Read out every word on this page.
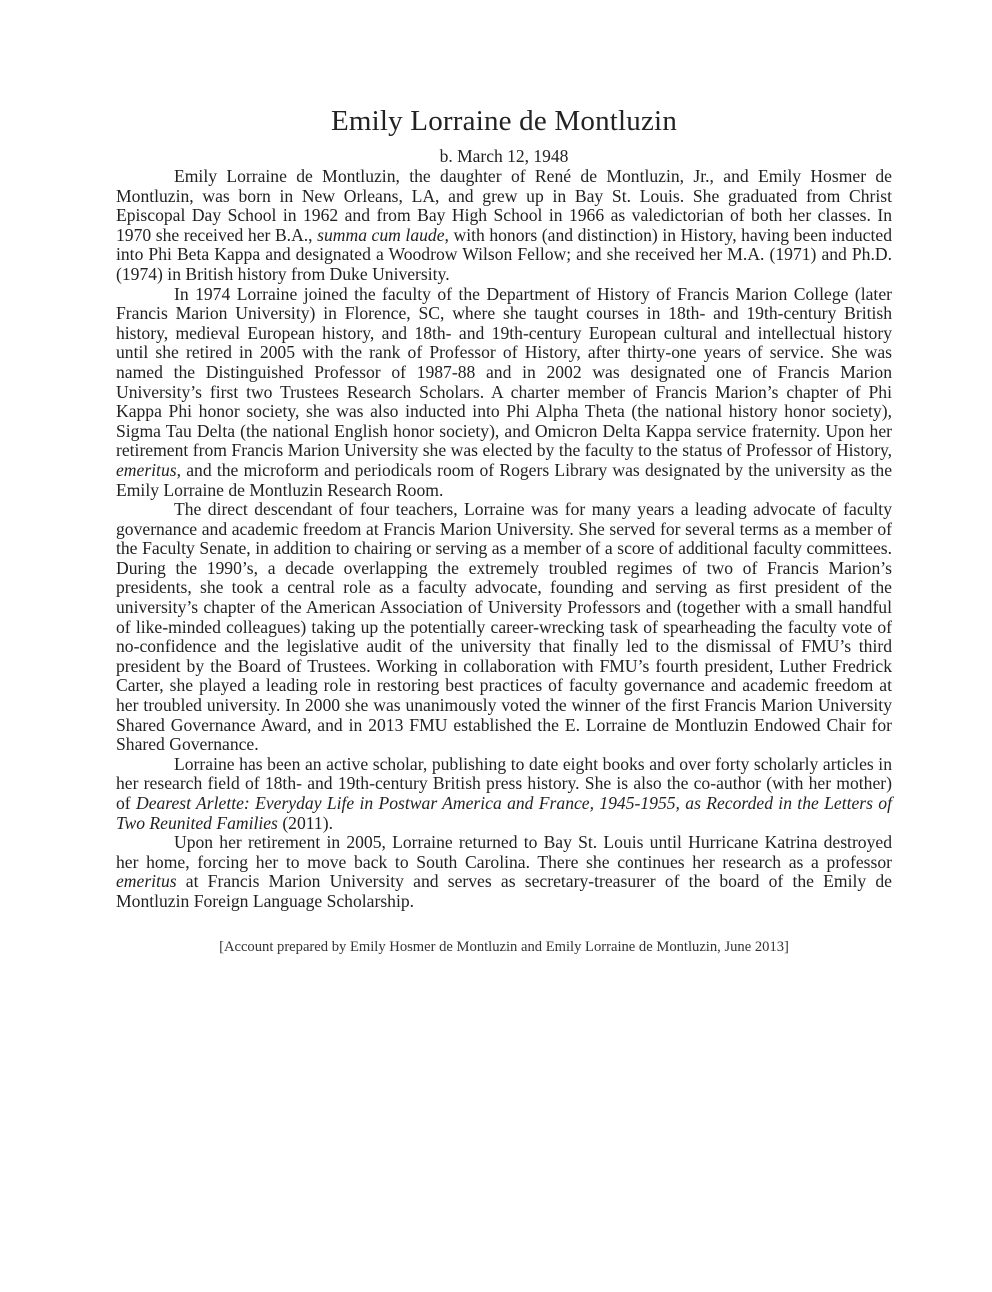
Emily Lorraine de Montluzin
b. March 12, 1948

Emily Lorraine de Montluzin, the daughter of René de Montluzin, Jr., and Emily Hosmer de Montluzin, was born in New Orleans, LA, and grew up in Bay St. Louis. She graduated from Christ Episcopal Day School in 1962 and from Bay High School in 1966 as valedictorian of both her classes. In 1970 she received her B.A., summa cum laude, with honors (and distinction) in History, having been inducted into Phi Beta Kappa and designated a Woodrow Wilson Fellow; and she received her M.A. (1971) and Ph.D. (1974) in British history from Duke University.

In 1974 Lorraine joined the faculty of the Department of History of Francis Marion College (later Francis Marion University) in Florence, SC, where she taught courses in 18th- and 19th-century British history, medieval European history, and 18th- and 19th-century European cultural and intellectual history until she retired in 2005 with the rank of Professor of History, after thirty-one years of service. She was named the Distinguished Professor of 1987-88 and in 2002 was designated one of Francis Marion University’s first two Trustees Research Scholars. A charter member of Francis Marion’s chapter of Phi Kappa Phi honor society, she was also inducted into Phi Alpha Theta (the national history honor society), Sigma Tau Delta (the national English honor society), and Omicron Delta Kappa service fraternity. Upon her retirement from Francis Marion University she was elected by the faculty to the status of Professor of History, emeritus, and the microform and periodicals room of Rogers Library was designated by the university as the Emily Lorraine de Montluzin Research Room.

The direct descendant of four teachers, Lorraine was for many years a leading advocate of faculty governance and academic freedom at Francis Marion University. She served for several terms as a member of the Faculty Senate, in addition to chairing or serving as a member of a score of additional faculty committees. During the 1990’s, a decade overlapping the extremely troubled regimes of two of Francis Marion’s presidents, she took a central role as a faculty advocate, founding and serving as first president of the university’s chapter of the American Association of University Professors and (together with a small handful of like-minded colleagues) taking up the potentially career-wrecking task of spearheading the faculty vote of no-confidence and the legislative audit of the university that finally led to the dismissal of FMU’s third president by the Board of Trustees. Working in collaboration with FMU’s fourth president, Luther Fredrick Carter, she played a leading role in restoring best practices of faculty governance and academic freedom at her troubled university. In 2000 she was unanimously voted the winner of the first Francis Marion University Shared Governance Award, and in 2013 FMU established the E. Lorraine de Montluzin Endowed Chair for Shared Governance.

Lorraine has been an active scholar, publishing to date eight books and over forty scholarly articles in her research field of 18th- and 19th-century British press history. She is also the co-author (with her mother) of Dearest Arlette: Everyday Life in Postwar America and France, 1945-1955, as Recorded in the Letters of Two Reunited Families (2011).

Upon her retirement in 2005, Lorraine returned to Bay St. Louis until Hurricane Katrina destroyed her home, forcing her to move back to South Carolina. There she continues her research as a professor emeritus at Francis Marion University and serves as secretary-treasurer of the board of the Emily de Montluzin Foreign Language Scholarship.

[Account prepared by Emily Hosmer de Montluzin and Emily Lorraine de Montluzin, June 2013]
